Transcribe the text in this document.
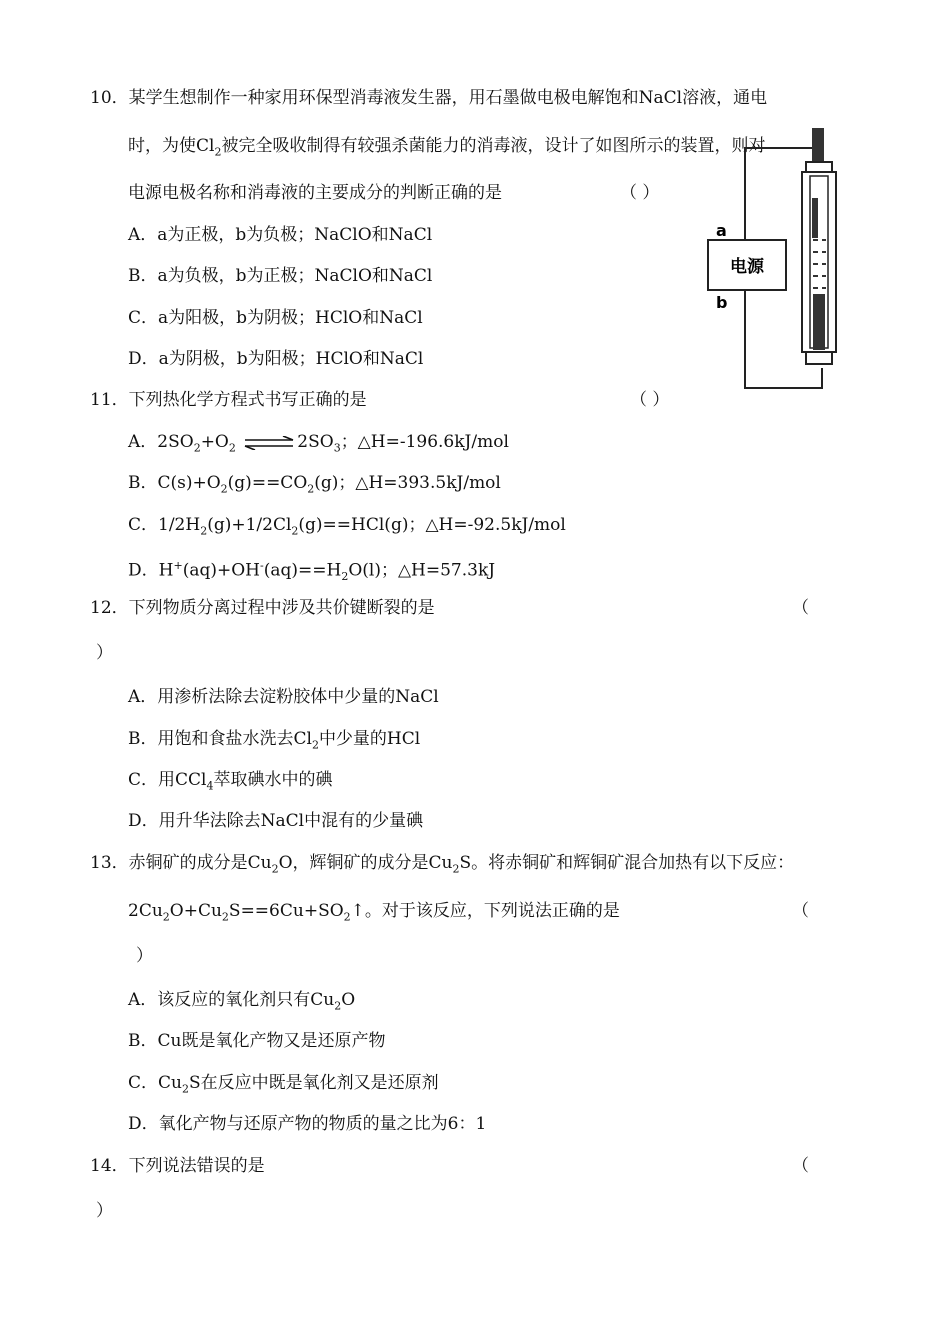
10．某学生想制作一种家用环保型消毒液发生器，用石墨做电极电解饱和NaCl溶液，通电
时，为使$Cl_2$被完全吸收制得有较强杀菌能力的消毒液，设计了如图所示的装置，则对
电源电极名称和消毒液的主要成分的判断正确的是	（ ）
A．a为正极，b为负极；NaClO和NaCl
B．a为负极，b为正极；NaClO和NaCl
C．a为阳极，b为阴极；HClO和NaCl
D．a为阴极，b为阳极；HClO和NaCl
电源
a
b
11．下列热化学方程式书写正确的是	（ ）
A．$2SO_2+O_2$ ⇌ $2SO_3$；△H=-196.6kJ/mol
B．$C(s)+O_2(g)==CO_2(g)$；△H=393.5kJ/mol
C．$1/2H_2(g)+1/2Cl_2(g)==HCl(g)$；△H=-92.5kJ/mol
D．$H^+(aq)+OH^-(aq)==H_2O(l)$；△H=57.3kJ
12．下列物质分离过程中涉及共价键断裂的是	（
）
A．用渗析法除去淀粉胶体中少量的NaCl
B．用饱和食盐水洗去$Cl_2$中少量的HCl
C．用CCl$_4$萃取碘水中的碘
D．用升华法除去NaCl中混有的少量碘
13．赤铜矿的成分是$Cu_2O$，辉铜矿的成分是$Cu_2S$。将赤铜矿和辉铜矿混合加热有以下反应：
$2Cu_2O+Cu_2S==6Cu+SO_2↑$。对于该反应，下列说法正确的是	（
）
A．该反应的氧化剂只有$Cu_2O$
B．Cu既是氧化产物又是还原产物
C．$Cu_2S$在反应中既是氧化剂又是还原剂
D．氧化产物与还原产物的物质的量之比为6：1
14．下列说法错误的是	（
）
